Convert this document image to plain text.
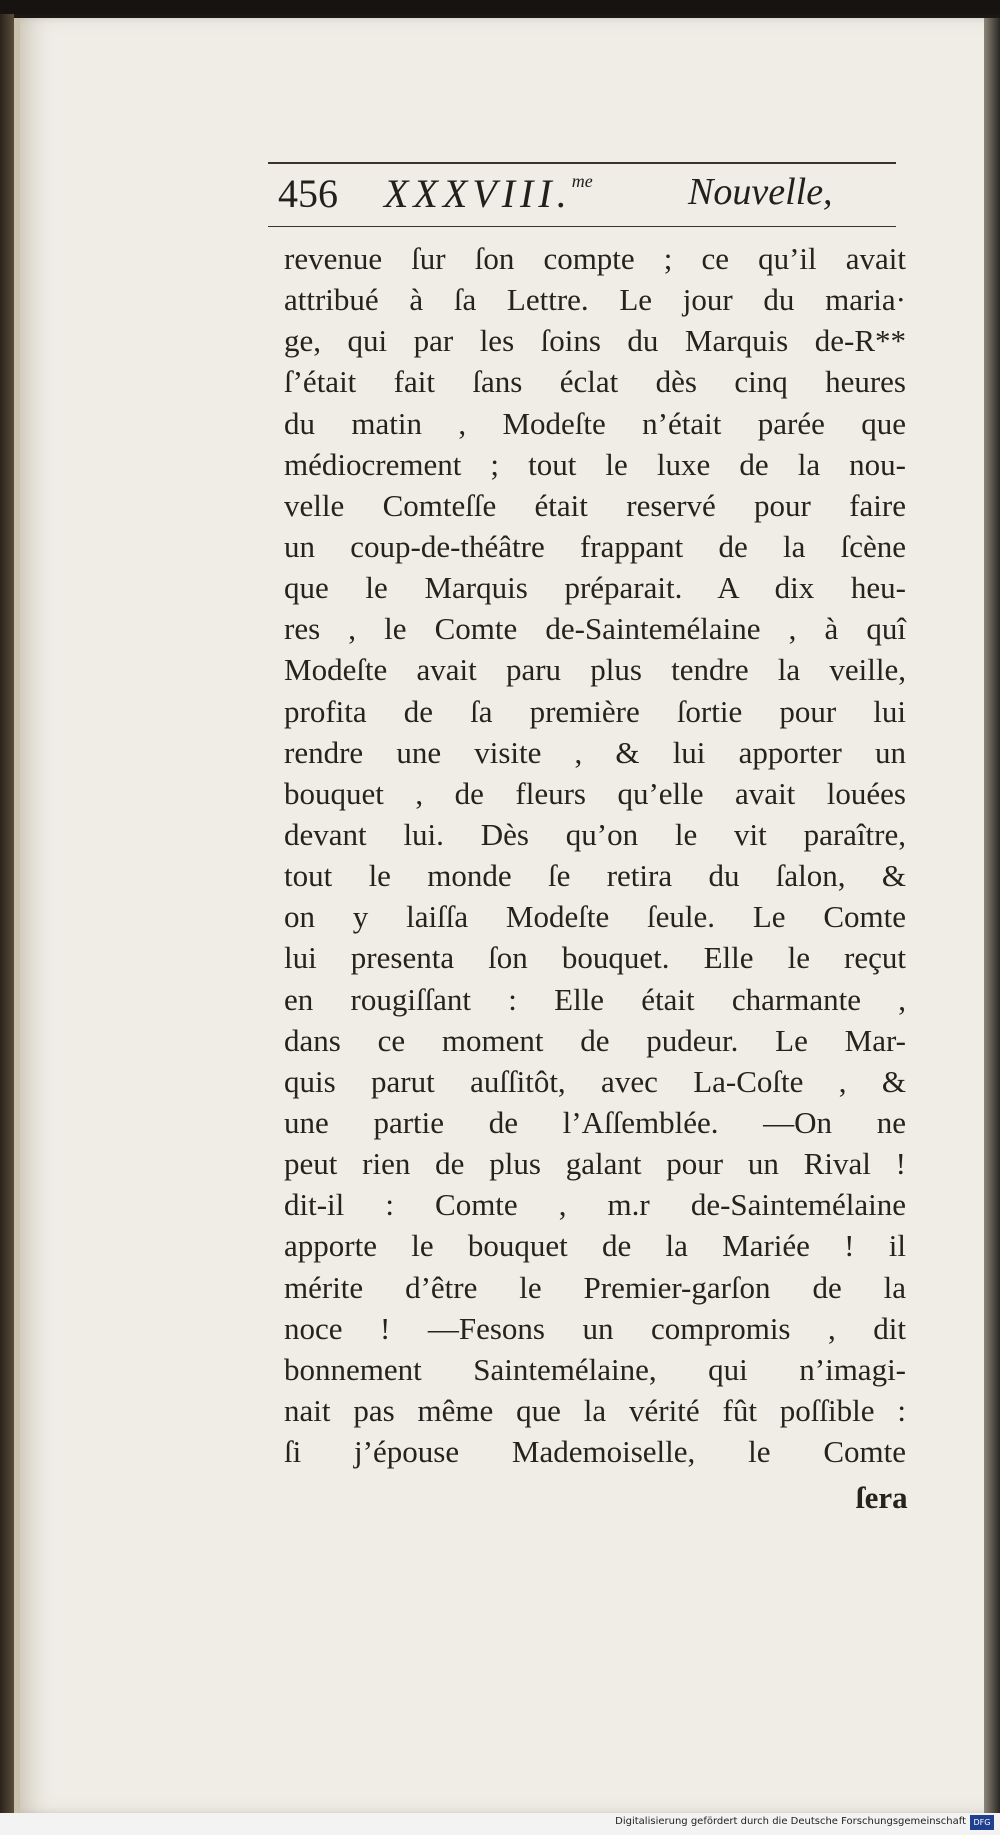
456 XXXVIII.$^{me}$	Nouvelle,
revenue ſur ſon compte ; ce qu’il avait
attribué à ſa Lettre. Le jour du maria·
ge, qui par les ſoins du Marquis de-R**
ſ’était fait ſans éclat dès cinq heures
du matin , Modeſte n’était parée que
médiocrement ; tout le luxe de la nou-
velle Comteſſe était reservé pour faire
un coup-de-théâtre frappant de la ſcène
que le Marquis préparait. A dix heu-
res , le Comte de-Saintemélaine , à quî
Modeſte avait paru plus tendre la veille,
profita de ſa première ſortie pour lui
rendre une visite , & lui apporter un
bouquet , de fleurs qu’elle avait louées
devant lui. Dès qu’on le vit paraître,
tout le monde ſe retira du ſalon, &
on y laiſſa Modeſte ſeule. Le Comte
lui presenta ſon bouquet. Elle le reçut
en rougiſſant : Elle était charmante ,
dans ce moment de pudeur. Le Mar-
quis parut auſſitôt, avec La-Coſte , &
une partie de l’Aſſemblée. —On ne
peut rien de plus galant pour un Rival !
dit-il : Comte , m.r de-Saintemélaine
apporte le bouquet de la Mariée ! il
mérite d’être le Premier-garſon de la
noce ! —Fesons un compromis , dit
bonnement Saintemélaine, qui n’imagi-
nait pas même que la vérité fût poſſible :
ſi j’épouse Mademoiselle, le Comte
ſera
Digitalisierung gefördert durch die Deutsche Forschungsgemeinschaft DFG
